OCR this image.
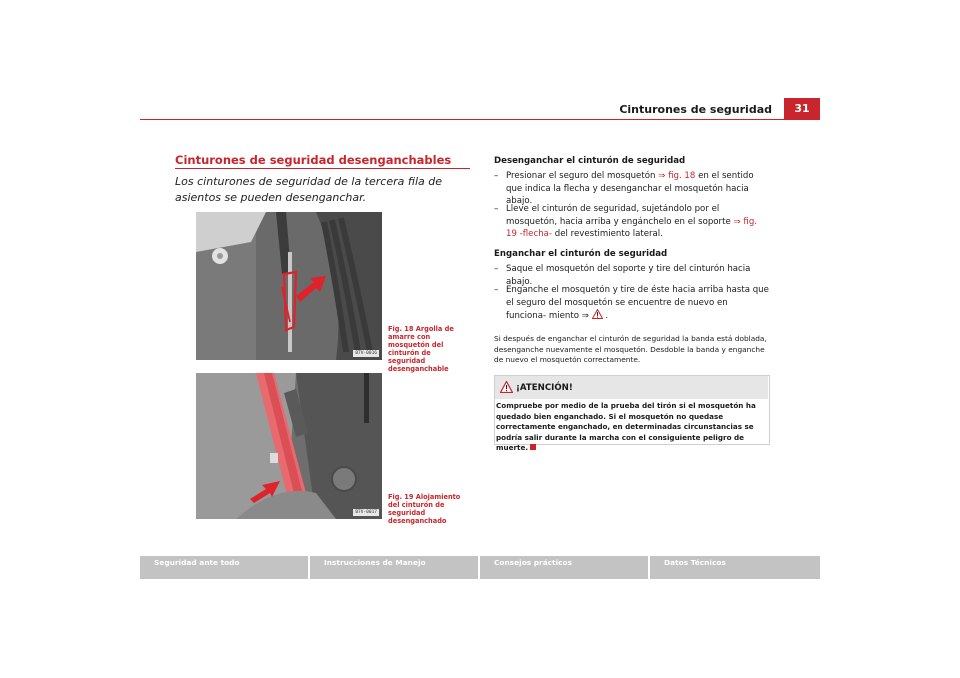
Cinturones de seguridad	31
Cinturones de seguridad desenganchables
Los cinturones de seguridad de la tercera fila de asientos se pueden desenganchar.
B7V-0016
Fig. 18 Argolla de amarre con mosquetón del cinturón de seguridad desenganchable
B7V-0017
Fig. 19 Alojamiento del cinturón de seguridad desenganchado
Desenganchar el cinturón de seguridad
– Presionar el seguro del mosquetón ⇒ fig. 18 en el sentido que indica la flecha y desenganchar el mosquetón hacia abajo.
– Lleve el cinturón de seguridad, sujetándolo por el mosquetón, hacia arriba y engánchelo en el soporte ⇒ fig. 19 -flecha- del revestimiento lateral.
Enganchar el cinturón de seguridad
– Saque el mosquetón del soporte y tire del cinturón hacia abajo.
– Enganche el mosquetón y tire de éste hacia arriba hasta que el seguro del mosquetón se encuentre de nuevo en funciona- miento ⇒ .
Si después de enganchar el cinturón de seguridad la banda está doblada, desenganche nuevamente el mosquetón. Desdoble la banda y enganche de nuevo el mosquetón correctamente.
¡ATENCIÓN!
Compruebe por medio de la prueba del tirón si el mosquetón ha quedado bien enganchado. Si el mosquetón no quedase correctamente enganchado, en determinadas circunstancias se podría salir durante la marcha con el consiguiente peligro de muerte.
Seguridad ante todo	Instrucciones de Manejo	Consejos prácticos	Datos Técnicos
